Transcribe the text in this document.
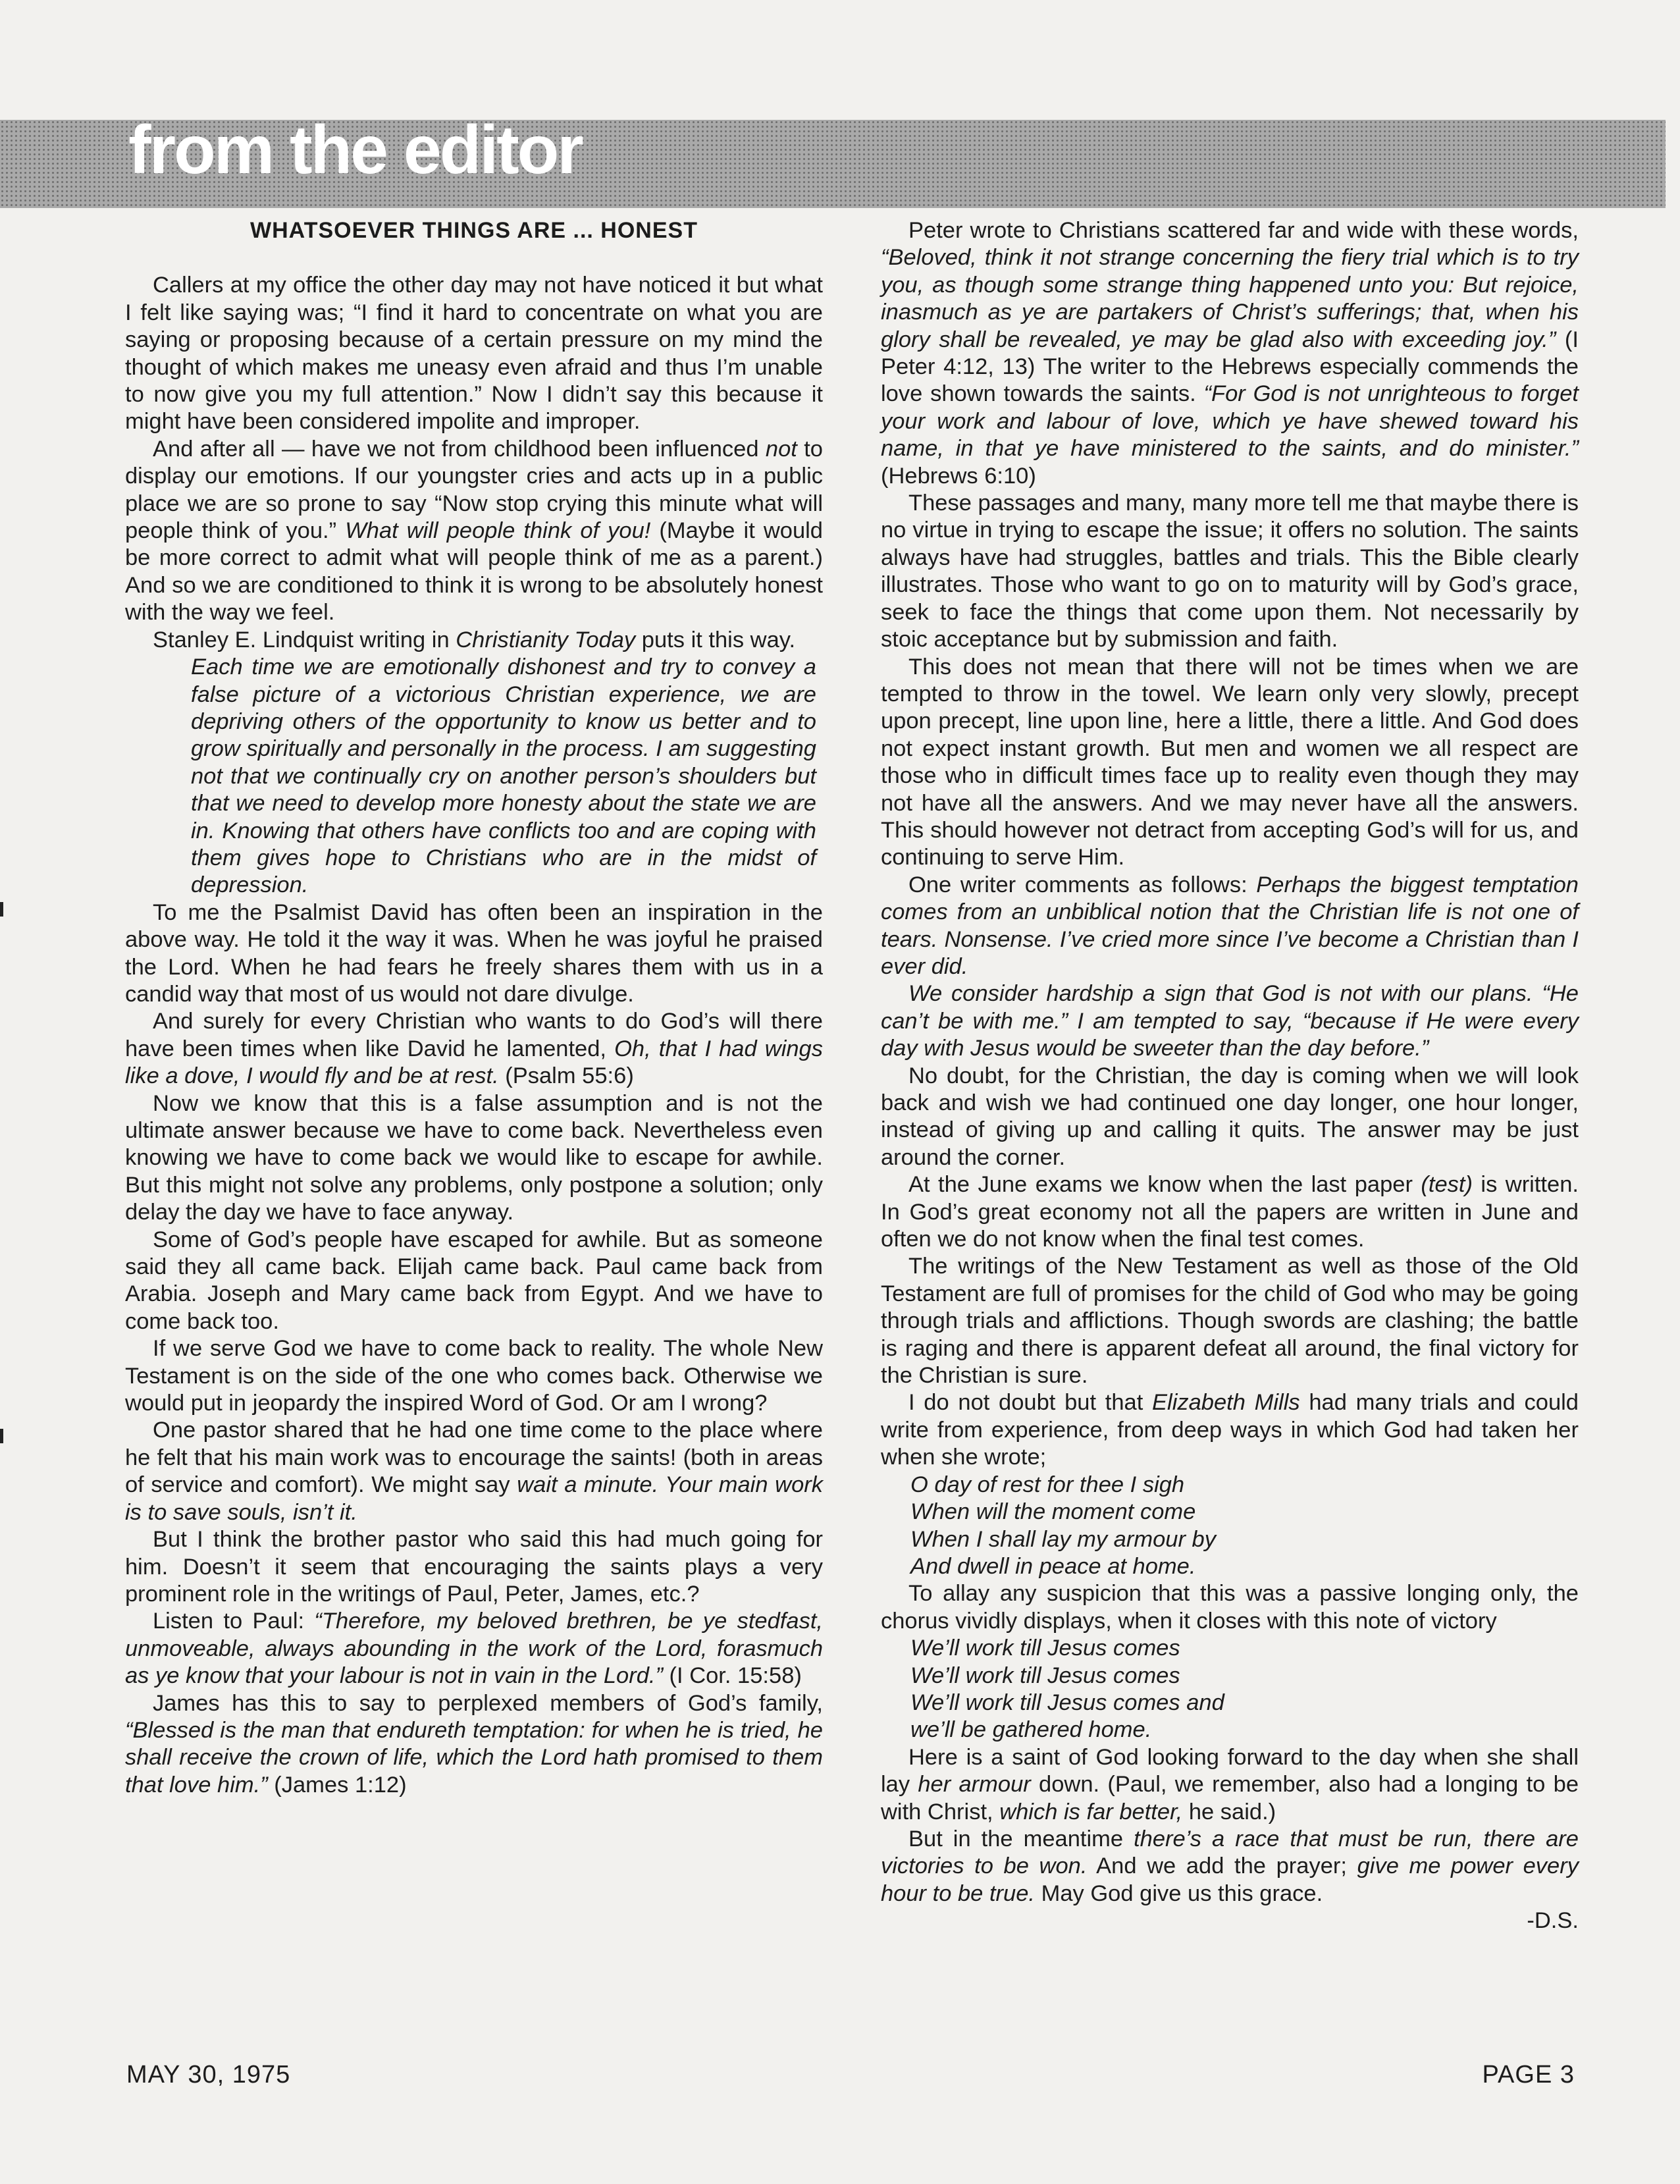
from the editor

WHATSOEVER THINGS ARE ... HONEST

Callers at my office the other day may not have noticed it but what I felt like saying was; “I find it hard to concentrate on what you are saying or proposing because of a certain pressure on my mind the thought of which makes me uneasy even afraid and thus I’m unable to now give you my full attention.” Now I didn’t say this because it might have been considered impolite and improper.

And after all — have we not from childhood been influenced not to display our emotions. If our youngster cries and acts up in a public place we are so prone to say “Now stop crying this minute what will people think of you.” What will people think of you! (Maybe it would be more correct to admit what will people think of me as a parent.) And so we are conditioned to think it is wrong to be absolutely honest with the way we feel.

Stanley E. Lindquist writing in Christianity Today puts it this way.

Each time we are emotionally dishonest and try to convey a false picture of a victorious Christian experience, we are depriving others of the opportunity to know us better and to grow spiritually and personally in the process. I am suggesting not that we continually cry on another person’s shoulders but that we need to develop more honesty about the state we are in. Knowing that others have conflicts too and are coping with them gives hope to Christians who are in the midst of depression.

To me the Psalmist David has often been an inspiration in the above way. He told it the way it was. When he was joyful he praised the Lord. When he had fears he freely shares them with us in a candid way that most of us would not dare divulge.

And surely for every Christian who wants to do God’s will there have been times when like David he lamented, Oh, that I had wings like a dove, I would fly and be at rest. (Psalm 55:6)

Now we know that this is a false assumption and is not the ultimate answer because we have to come back. Nevertheless even knowing we have to come back we would like to escape for awhile. But this might not solve any problems, only postpone a solution; only delay the day we have to face anyway.

Some of God’s people have escaped for awhile. But as someone said they all came back. Elijah came back. Paul came back from Arabia. Joseph and Mary came back from Egypt. And we have to come back too.

If we serve God we have to come back to reality. The whole New Testament is on the side of the one who comes back. Otherwise we would put in jeopardy the inspired Word of God. Or am I wrong?

One pastor shared that he had one time come to the place where he felt that his main work was to encourage the saints! (both in areas of service and comfort). We might say wait a minute. Your main work is to save souls, isn’t it.

But I think the brother pastor who said this had much going for him. Doesn’t it seem that encouraging the saints plays a very prominent role in the writings of Paul, Peter, James, etc.?

Listen to Paul: “Therefore, my beloved brethren, be ye stedfast, unmoveable, always abounding in the work of the Lord, forasmuch as ye know that your labour is not in vain in the Lord.” (I Cor. 15:58)

James has this to say to perplexed members of God’s family, “Blessed is the man that endureth temptation: for when he is tried, he shall receive the crown of life, which the Lord hath promised to them that love him.” (James 1:12)

Peter wrote to Christians scattered far and wide with these words, “Beloved, think it not strange concerning the fiery trial which is to try you, as though some strange thing happened unto you: But rejoice, inasmuch as ye are partakers of Christ’s sufferings; that, when his glory shall be revealed, ye may be glad also with exceeding joy.” (I Peter 4:12, 13) The writer to the Hebrews especially commends the love shown towards the saints. “For God is not unrighteous to forget your work and labour of love, which ye have shewed toward his name, in that ye have ministered to the saints, and do minister.” (Hebrews 6:10)

These passages and many, many more tell me that maybe there is no virtue in trying to escape the issue; it offers no solution. The saints always have had struggles, battles and trials. This the Bible clearly illustrates. Those who want to go on to maturity will by God’s grace, seek to face the things that come upon them. Not necessarily by stoic acceptance but by submission and faith.

This does not mean that there will not be times when we are tempted to throw in the towel. We learn only very slowly, precept upon precept, line upon line, here a little, there a little. And God does not expect instant growth. But men and women we all respect are those who in difficult times face up to reality even though they may not have all the answers. And we may never have all the answers. This should however not detract from accepting God’s will for us, and continuing to serve Him.

One writer comments as follows: Perhaps the biggest temptation comes from an unbiblical notion that the Christian life is not one of tears. Nonsense. I’ve cried more since I’ve become a Christian than I ever did.

We consider hardship a sign that God is not with our plans. “He can’t be with me.” I am tempted to say, “because if He were every day with Jesus would be sweeter than the day before.”

No doubt, for the Christian, the day is coming when we will look back and wish we had continued one day longer, one hour longer, instead of giving up and calling it quits. The answer may be just around the corner.

At the June exams we know when the last paper (test) is written. In God’s great economy not all the papers are written in June and often we do not know when the final test comes.

The writings of the New Testament as well as those of the Old Testament are full of promises for the child of God who may be going through trials and afflictions. Though swords are clashing; the battle is raging and there is apparent defeat all around, the final victory for the Christian is sure.

I do not doubt but that Elizabeth Mills had many trials and could write from experience, from deep ways in which God had taken her when she wrote;

O day of rest for thee I sigh
When will the moment come
When I shall lay my armour by
And dwell in peace at home.

To allay any suspicion that this was a passive longing only, the chorus vividly displays, when it closes with this note of victory

We’ll work till Jesus comes
We’ll work till Jesus comes
We’ll work till Jesus comes and
we’ll be gathered home.

Here is a saint of God looking forward to the day when she shall lay her armour down. (Paul, we remember, also had a longing to be with Christ, which is far better, he said.)

But in the meantime there’s a race that must be run, there are victories to be won. And we add the prayer; give me power every hour to be true. May God give us this grace.

-D.S.

MAY 30, 1975	PAGE 3
